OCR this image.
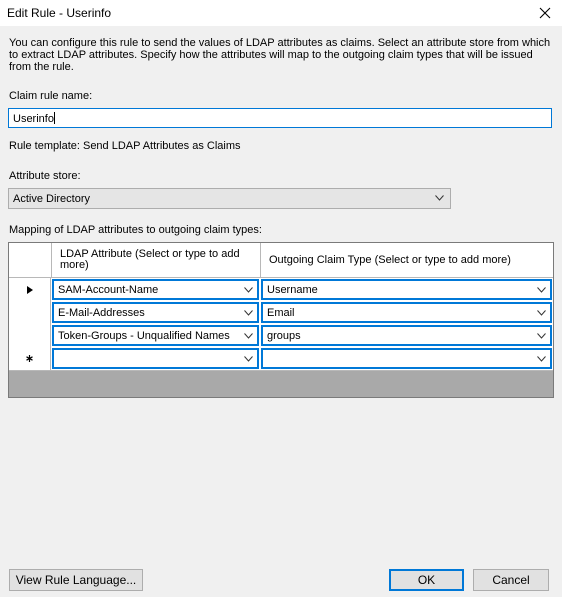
Edit Rule - Userinfo
You can configure this rule to send the values of LDAP attributes as claims. Select an attribute store from which to extract LDAP attributes. Specify how the attributes will map to the outgoing claim types that will be issued from the rule.
Claim rule name:
Userinfo
Rule template: Send LDAP Attributes as Claims
Attribute store:
Active Directory
Mapping of LDAP attributes to outgoing claim types:
LDAP Attribute (Select or type to add more)	Outgoing Claim Type (Select or type to add more)
SAM-Account-Name	Username
E-Mail-Addresses	Email
Token-Groups - Unqualified Names	groups
View Rule Language...	OK	Cancel
